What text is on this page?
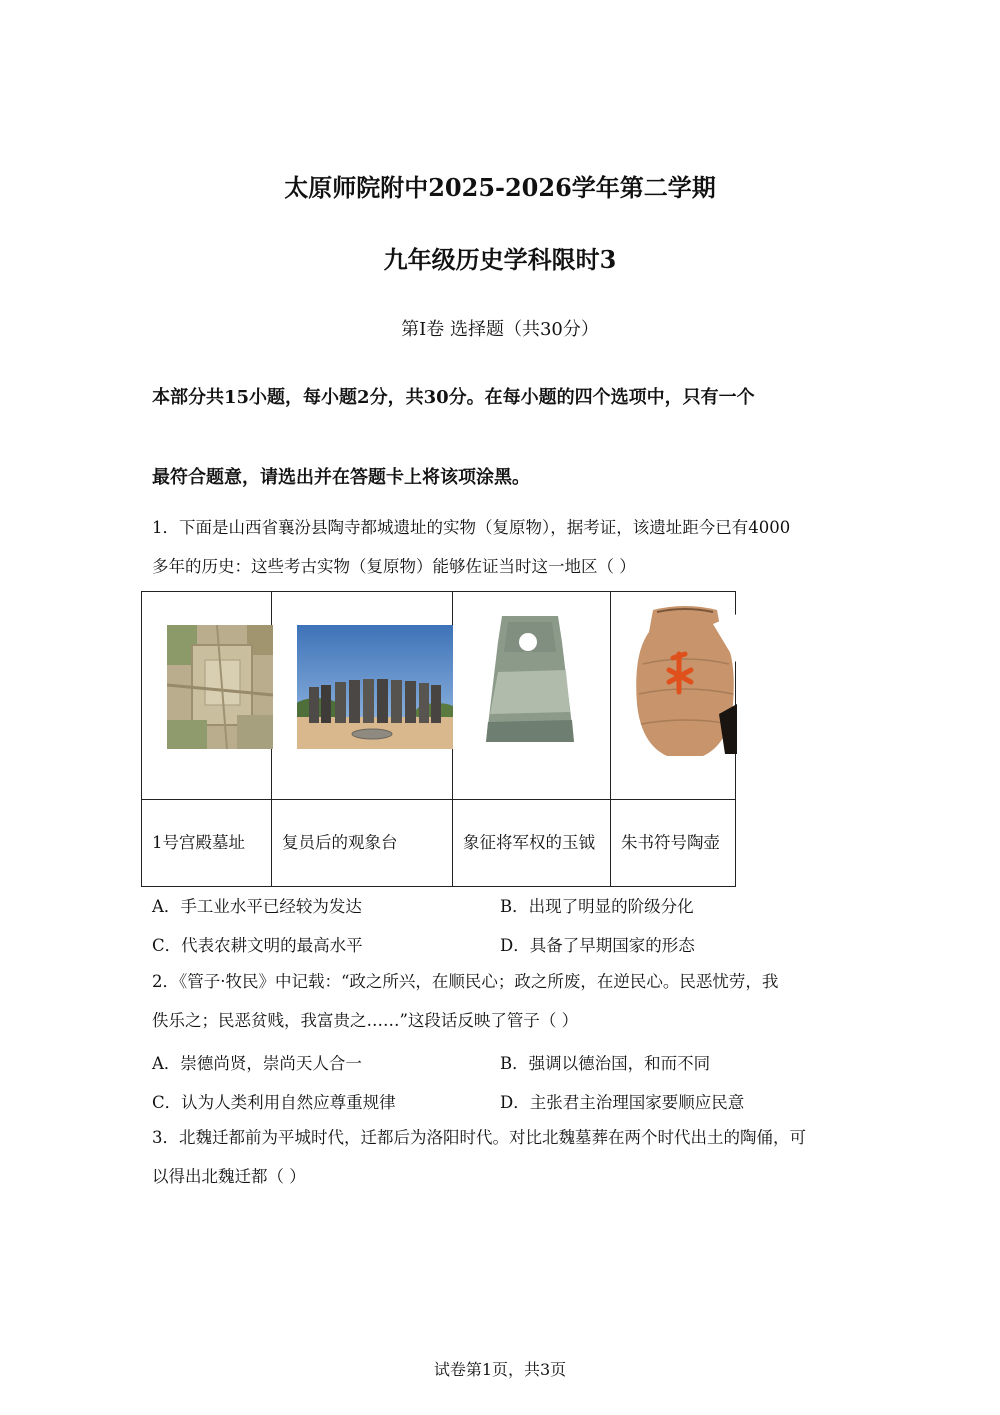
太原师院附中2025-2026学年第二学期
九年级历史学科限时3
第Ⅰ卷 选择题（共30分）
本部分共15小题，每小题2分，共30分。在每小题的四个选项中，只有一个
最符合题意，请选出并在答题卡上将该项涂黑。
1．下面是山西省襄汾县陶寺都城遗址的实物（复原物），据考证，该遗址距今已有4000
多年的历史：这些考古实物（复原物）能够佐证当时这一地区（ ）

1号宫殿墓址	复员后的观象台	象征将军权的玉钺	朱书符号陶壶
A．手工业水平已经较为发达	B．出现了明显的阶级分化
C．代表农耕文明的最高水平	D．具备了早期国家的形态
2．《管子·牧民》中记载：“政之所兴，在顺民心；政之所废，在逆民心。民恶忧劳，我
佚乐之；民恶贫贱，我富贵之……”这段话反映了管子（ ）
A．崇德尚贤，崇尚天人合一	B．强调以德治国，和而不同
C．认为人类利用自然应尊重规律	D．主张君主治理国家要顺应民意
3．北魏迁都前为平城时代，迁都后为洛阳时代。对比北魏墓葬在两个时代出土的陶俑，可
以得出北魏迁都（ ）
试卷第1页，共3页
